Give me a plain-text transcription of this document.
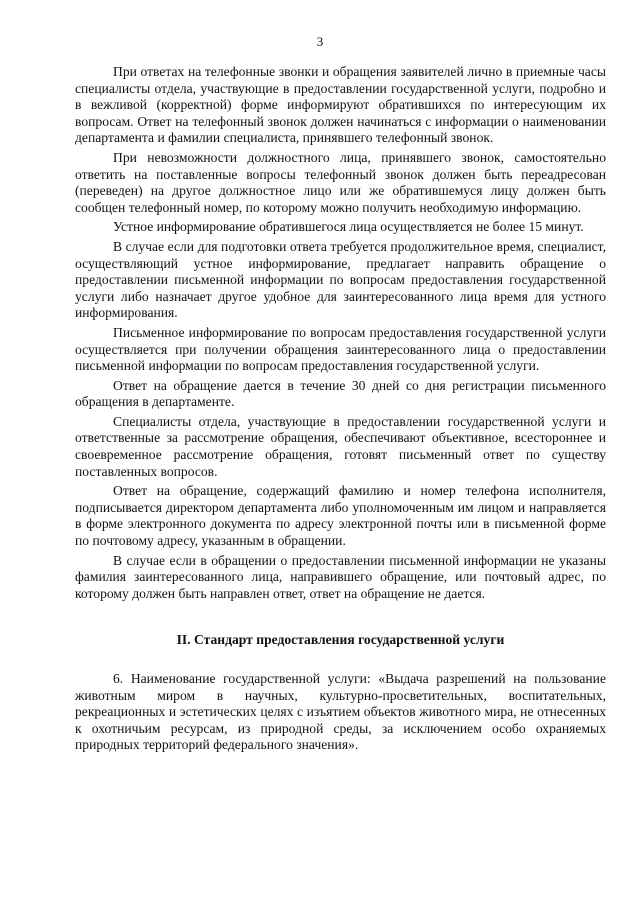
3

При ответах на телефонные звонки и обращения заявителей лично в приемные часы специалисты отдела, участвующие в предоставлении государственной услуги, подробно и в вежливой (корректной) форме информируют обратившихся по интересующим их вопросам. Ответ на телефонный звонок должен начинаться с информации о наименовании департамента и фамилии специалиста, принявшего телефонный звонок.

При невозможности должностного лица, принявшего звонок, самостоятельно ответить на поставленные вопросы телефонный звонок должен быть переадресован (переведен) на другое должностное лицо или же обратившемуся лицу должен быть сообщен телефонный номер, по которому можно получить необходимую информацию.

Устное информирование обратившегося лица осуществляется не более 15 минут.

В случае если для подготовки ответа требуется продолжительное время, специалист, осуществляющий устное информирование, предлагает направить обращение о предоставлении письменной информации по вопросам предоставления государственной услуги либо назначает другое удобное для заинтересованного лица время для устного информирования.

Письменное информирование по вопросам предоставления государственной услуги осуществляется при получении обращения заинтересованного лица о предоставлении письменной информации по вопросам предоставления государственной услуги.

Ответ на обращение дается в течение 30 дней со дня регистрации письменного обращения в департаменте.

Специалисты отдела, участвующие в предоставлении государственной услуги и ответственные за рассмотрение обращения, обеспечивают объективное, всестороннее и своевременное рассмотрение обращения, готовят письменный ответ по существу поставленных вопросов.

Ответ на обращение, содержащий фамилию и номер телефона исполнителя, подписывается директором департамента либо уполномоченным им лицом и направляется в форме электронного документа по адресу электронной почты или в письменной форме по почтовому адресу, указанным в обращении.

В случае если в обращении о предоставлении письменной информации не указаны фамилия заинтересованного лица, направившего обращение, или почтовый адрес, по которому должен быть направлен ответ, ответ на обращение не дается.

II. Стандарт предоставления государственной услуги

6. Наименование государственной услуги: «Выдача разрешений на пользование животным миром в научных, культурно-просветительных, воспитательных, рекреационных и эстетических целях с изъятием объектов животного мира, не отнесенных к охотничьим ресурсам, из природной среды, за исключением особо охраняемых природных территорий федерального значения».
